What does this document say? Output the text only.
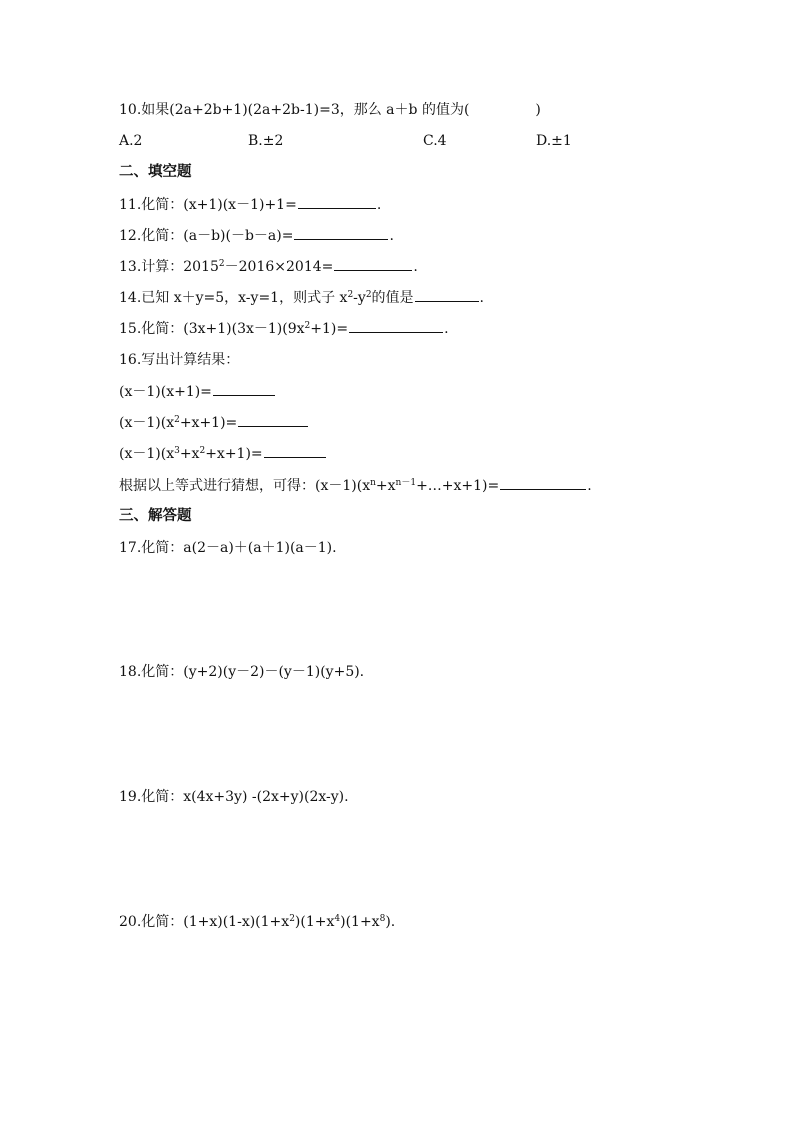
10.如果(2a+2b+1)(2a+2b-1)=3，那么 a＋b 的值为(	)
A.2	B.±2	C.4	D.±1
二、填空题
11.化简：(x+1)(x－1)+1=	.
12.化简：(a－b)(－b－a)=	.
13.计算：$2015^2-2016\times 2014=$	.
14.已知 x＋y=5，x-y=1，则式子 $x^2-y^2$的值是	.
15.化简：$(3x+1)(3x-1)(9x^2+1)=$	.
16.写出计算结果：
(x－1)(x+1)=
$(x-1)(x^2+x+1)=$
$(x-1)(x^3+x^2+x+1)=$
根据以上等式进行猜想，可得：$(x-1)(x^n+x^{n-1}+\dots+x+1)=$	.
三、解答题
17.化简：a(2－a)＋(a＋1)(a－1).
18.化简：(y+2)(y－2)－(y－1)(y+5).
19.化简：x(4x+3y) -(2x+y)(2x-y).
20.化简：$(1+x)(1-x)(1+x^2)(1+x^4)(1+x^8)$.
